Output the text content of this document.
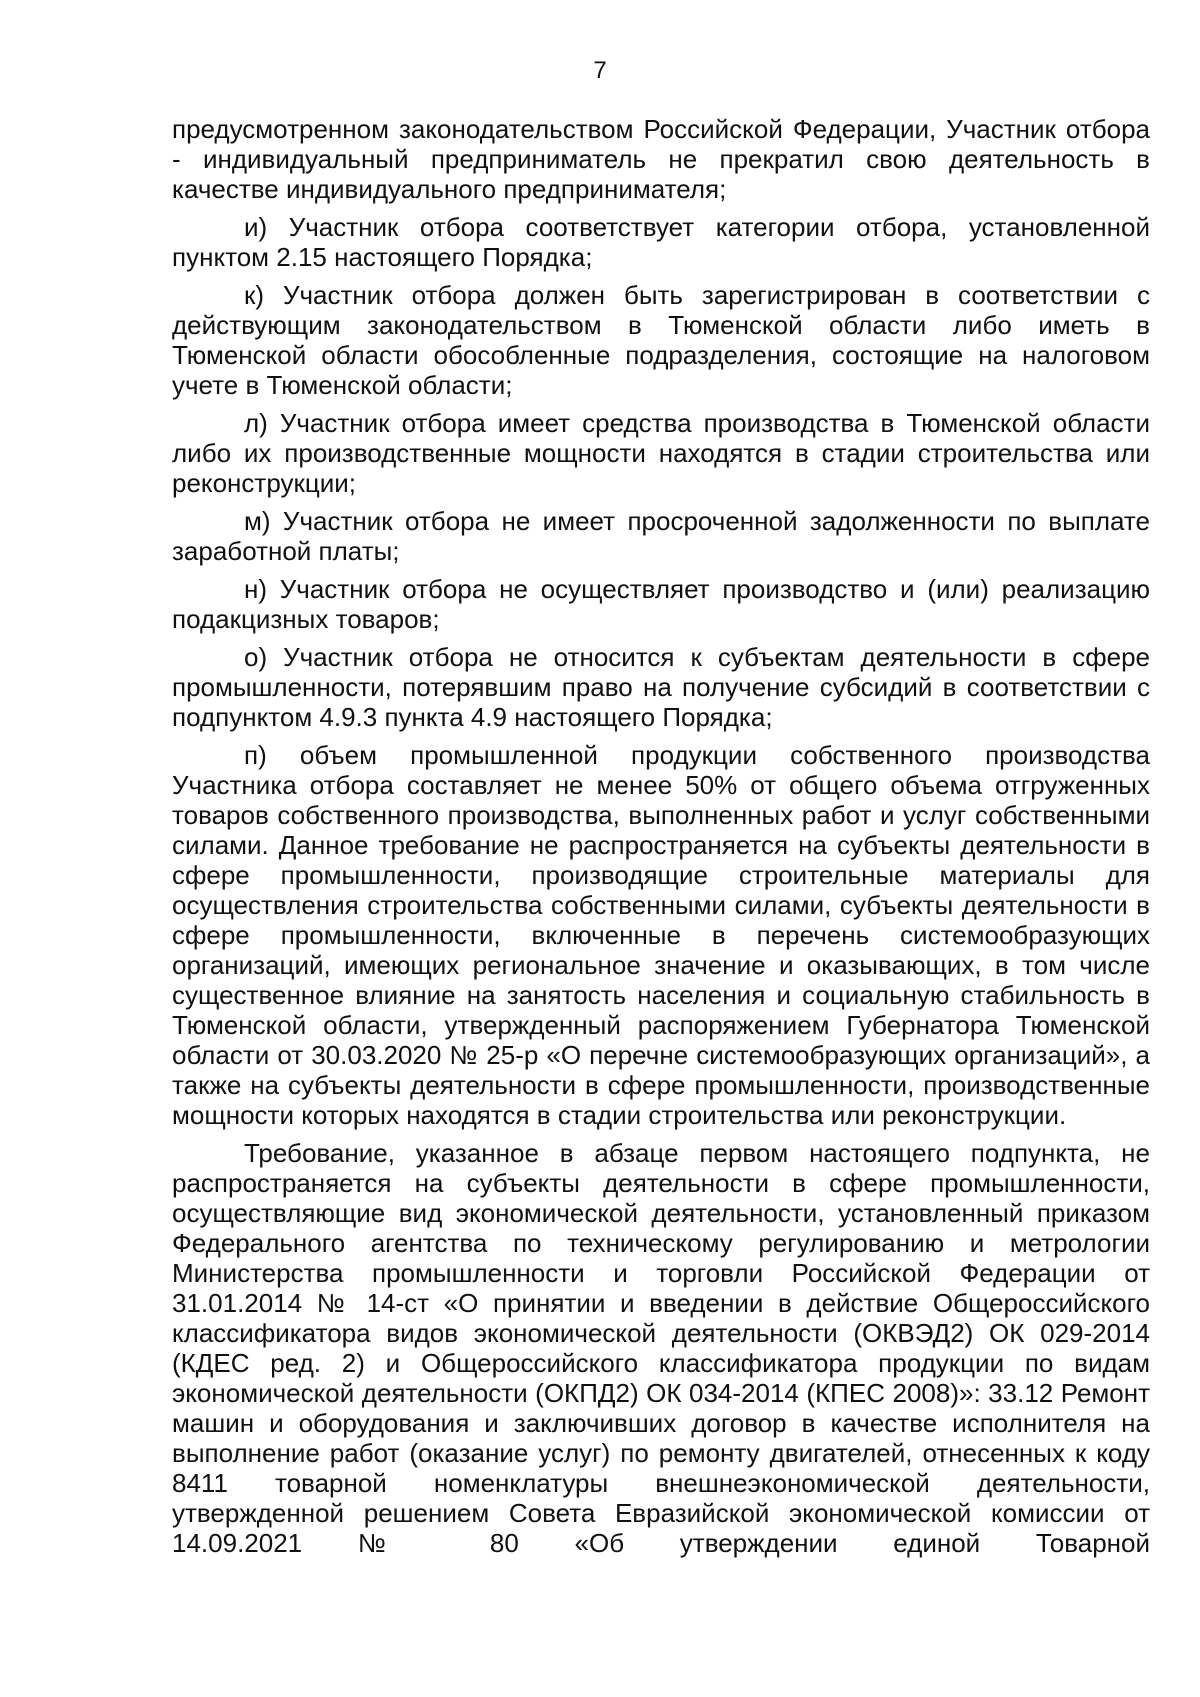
7

предусмотренном законодательством Российской Федерации, Участник отбора - индивидуальный предприниматель не прекратил свою деятельность в качестве индивидуального предпринимателя;

и) Участник отбора соответствует категории отбора, установленной пунктом 2.15 настоящего Порядка;

к) Участник отбора должен быть зарегистрирован в соответствии с действующим законодательством в Тюменской области либо иметь в Тюменской области обособленные подразделения, состоящие на налоговом учете в Тюменской области;

л) Участник отбора имеет средства производства в Тюменской области либо их производственные мощности находятся в стадии строительства или реконструкции;

м) Участник отбора не имеет просроченной задолженности по выплате заработной платы;

н) Участник отбора не осуществляет производство и (или) реализацию подакцизных товаров;

о) Участник отбора не относится к субъектам деятельности в сфере промышленности, потерявшим право на получение субсидий в соответствии с подпунктом 4.9.3 пункта 4.9 настоящего Порядка;

п) объем промышленной продукции собственного производства Участника отбора составляет не менее 50% от общего объема отгруженных товаров собственного производства, выполненных работ и услуг собственными силами. Данное требование не распространяется на субъекты деятельности в сфере промышленности, производящие строительные материалы для осуществления строительства собственными силами, субъекты деятельности в сфере промышленности, включенные в перечень системообразующих организаций, имеющих региональное значение и оказывающих, в том числе существенное влияние на занятость населения и социальную стабильность в Тюменской области, утвержденный распоряжением Губернатора Тюменской области от 30.03.2020 № 25-р «О перечне системообразующих организаций», а также на субъекты деятельности в сфере промышленности, производственные мощности которых находятся в стадии строительства или реконструкции.

Требование, указанное в абзаце первом настоящего подпункта, не распространяется на субъекты деятельности в сфере промышленности, осуществляющие вид экономической деятельности, установленный приказом Федерального агентства по техническому регулированию и метрологии Министерства промышленности и торговли Российской Федерации от 31.01.2014 № 14-ст «О принятии и введении в действие Общероссийского классификатора видов экономической деятельности (ОКВЭД2) ОК 029-2014 (КДЕС ред. 2) и Общероссийского классификатора продукции по видам экономической деятельности (ОКПД2) ОК 034-2014 (КПЕС 2008)»: 33.12 Ремонт машин и оборудования и заключивших договор в качестве исполнителя на выполнение работ (оказание услуг) по ремонту двигателей, отнесенных к коду 8411 товарной номенклатуры внешнеэкономической деятельности, утвержденной решением Совета Евразийской экономической комиссии от 14.09.2021 № 80 «Об утверждении единой Товарной
